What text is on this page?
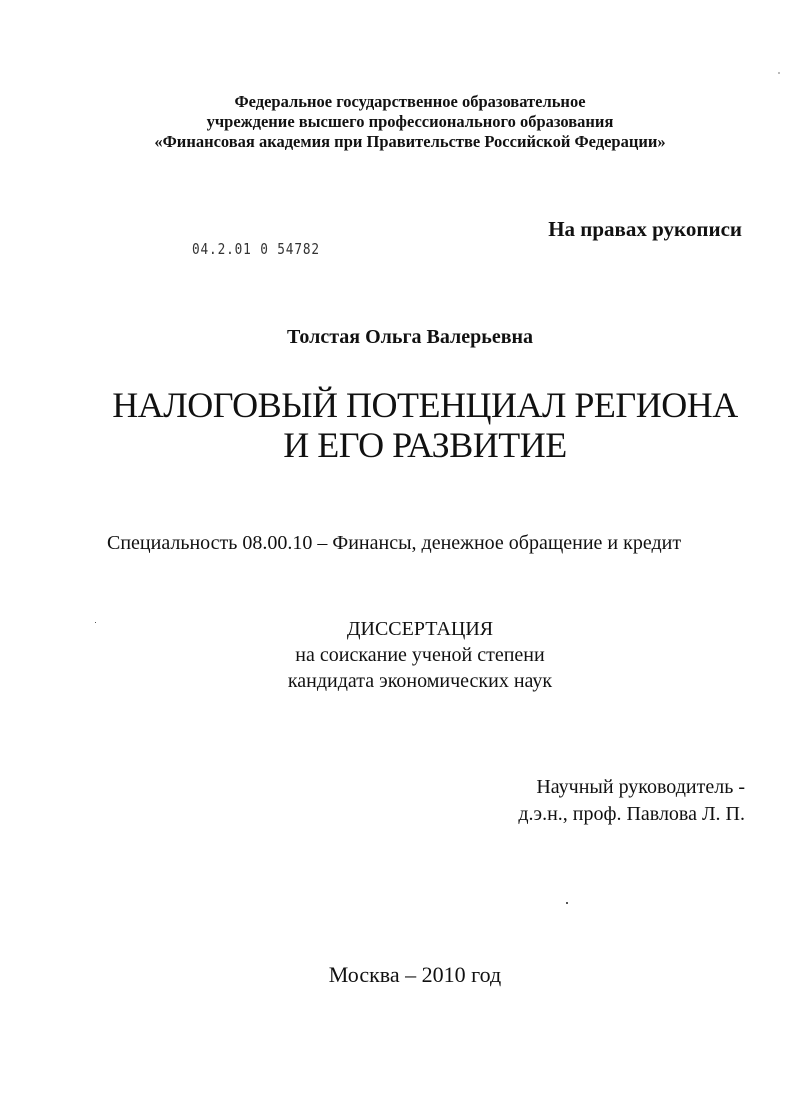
Федеральное государственное образовательное
учреждение высшего профессионального образования
«Финансовая академия при Правительстве Российской Федерации»
На правах рукописи
04.2.01 0 54782
Толстая Ольга Валерьевна
НАЛОГОВЫЙ ПОТЕНЦИАЛ РЕГИОНА
И ЕГО РАЗВИТИЕ
Специальность 08.00.10 – Финансы, денежное обращение и кредит
ДИССЕРТАЦИЯ
на соискание ученой степени
кандидата экономических наук
Научный руководитель -
д.э.н., проф. Павлова Л. П.
Москва – 2010 год
